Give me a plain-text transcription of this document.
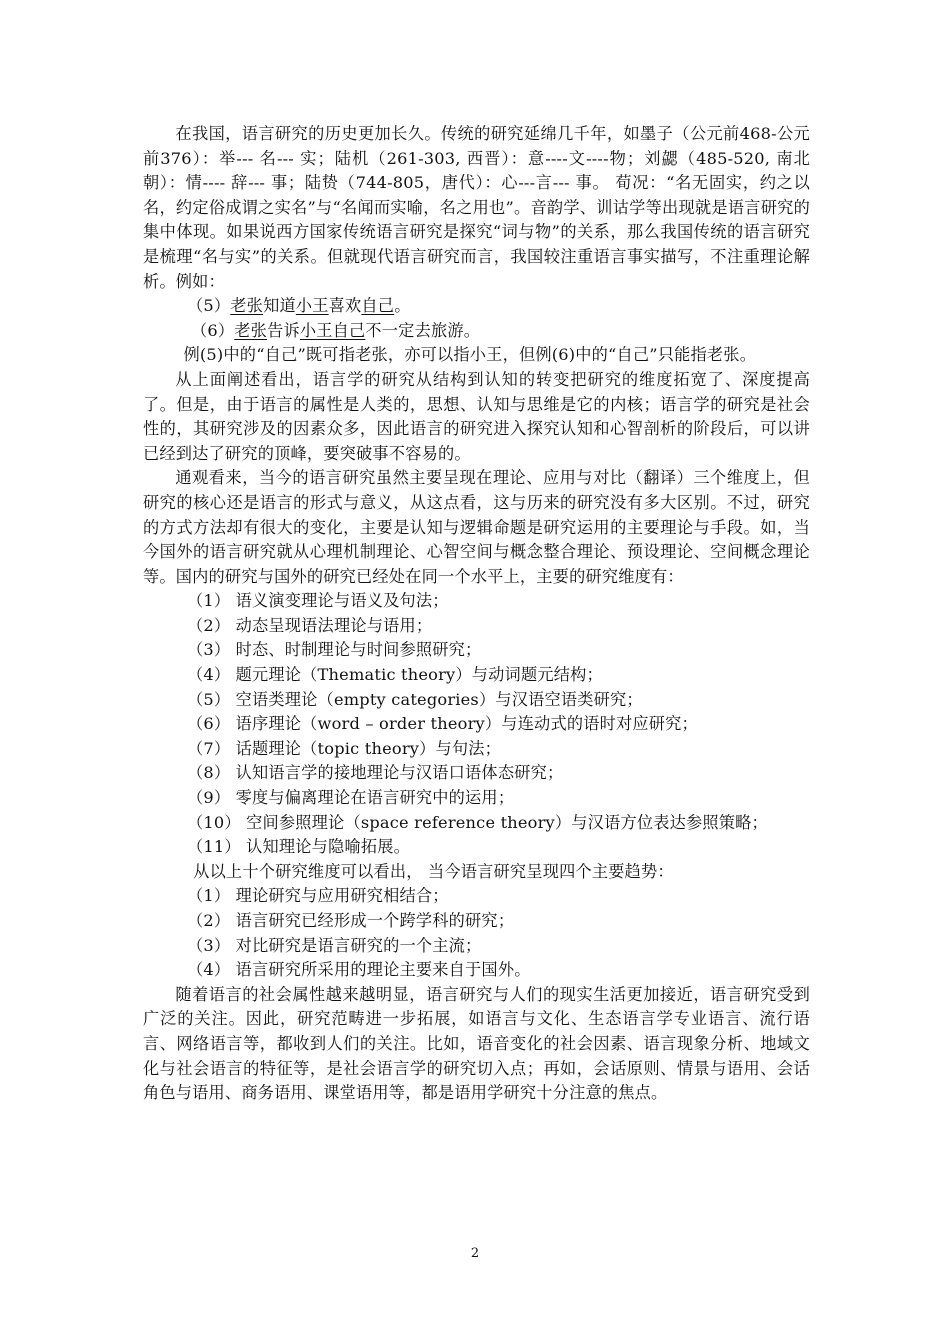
在我国，语言研究的历史更加长久。传统的研究延绵几千年，如墨子（公元前468-公元前376）：举--- 名--- 实；陆机（261-303, 西晋）：意----文----物；刘勰（485-520, 南北朝）：情---- 辞--- 事；陆贽（744-805，唐代）：心---言--- 事。 荀况：“名无固实，约之以名，约定俗成谓之实名”与“名闻而实喻，名之用也”。音韵学、训诂学等出现就是语言研究的集中体现。如果说西方国家传统语言研究是探究“词与物”的关系，那么我国传统的语言研究是梳理“名与实”的关系。但就现代语言研究而言，我国较注重语言事实描写，不注重理论解析。例如：

（5）老张知道小王喜欢自己。

（6）老张告诉小王自己不一定去旅游。

例(5)中的“自己”既可指老张，亦可以指小王，但例(6)中的“自己”只能指老张。

从上面阐述看出，语言学的研究从结构到认知的转变把研究的维度拓宽了、深度提高了。但是，由于语言的属性是人类的，思想、认知与思维是它的内核；语言学的研究是社会性的，其研究涉及的因素众多，因此语言的研究进入探究认知和心智剖析的阶段后，可以讲已经到达了研究的顶峰，要突破事不容易的。

通观看来，当今的语言研究虽然主要呈现在理论、应用与对比（翻译）三个维度上，但研究的核心还是语言的形式与意义，从这点看，这与历来的研究没有多大区别。不过，研究的方式方法却有很大的变化，主要是认知与逻辑命题是研究运用的主要理论与手段。如，当今国外的语言研究就从心理机制理论、心智空间与概念整合理论、预设理论、空间概念理论等。国内的研究与国外的研究已经处在同一个水平上，主要的研究维度有：

（1） 语义演变理论与语义及句法；

（2） 动态呈现语法理论与语用；

（3） 时态、时制理论与时间参照研究；

（4） 题元理论（Thematic theory）与动词题元结构；

（5） 空语类理论（empty categories）与汉语空语类研究；

（6） 语序理论（word – order theory）与连动式的语时对应研究；

（7） 话题理论（topic theory）与句法；

（8） 认知语言学的接地理论与汉语口语体态研究；

（9） 零度与偏离理论在语言研究中的运用；

（10） 空间参照理论（space reference theory）与汉语方位表达参照策略；

（11） 认知理论与隐喻拓展。

从以上十个研究维度可以看出， 当今语言研究呈现四个主要趋势：

（1） 理论研究与应用研究相结合；

（2） 语言研究已经形成一个跨学科的研究；

（3） 对比研究是语言研究的一个主流；

（4） 语言研究所采用的理论主要来自于国外。

随着语言的社会属性越来越明显，语言研究与人们的现实生活更加接近，语言研究受到广泛的关注。因此，研究范畴进一步拓展，如语言与文化、生态语言学专业语言、流行语言、网络语言等，都收到人们的关注。比如，语音变化的社会因素、语言现象分析、地域文化与社会语言的特征等，是社会语言学的研究切入点；再如，会话原则、情景与语用、会话角色与语用、商务语用、课堂语用等，都是语用学研究十分注意的焦点。

2
